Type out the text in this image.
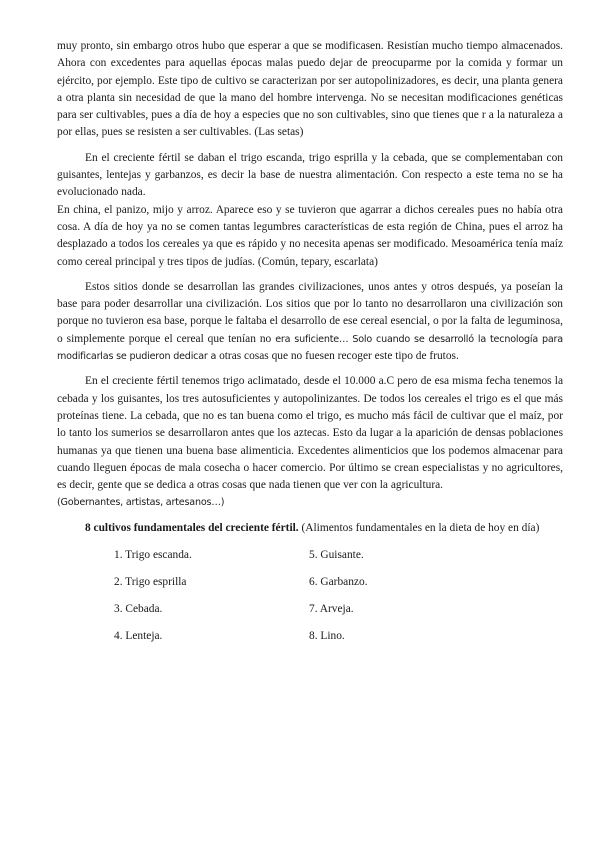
muy pronto, sin embargo otros hubo que esperar a que se modificasen. Resistían mucho tiempo almacenados. Ahora con excedentes para aquellas épocas malas puedo dejar de preocuparme por la comida y formar un ejército, por ejemplo. Este tipo de cultivo se caracterizan por ser autopolinizadores, es decir, una planta genera a otra planta sin necesidad de que la mano del hombre intervenga. No se necesitan modificaciones genéticas para ser cultivables, pues a día de hoy a especies que no son cultivables, sino que tienes que r a la naturaleza a por ellas, pues se resisten a ser cultivables. (Las setas)

En el creciente fértil se daban el trigo escanda, trigo esprilla y la cebada, que se complementaban con guisantes, lentejas y garbanzos, es decir la base de nuestra alimentación. Con respecto a este tema no se ha evolucionado nada.

En china, el panizo, mijo y arroz. Aparece eso y se tuvieron que agarrar a dichos cereales pues no había otra cosa. A día de hoy ya no se comen tantas legumbres características de esta región de China, pues el arroz ha desplazado a todos los cereales ya que es rápido y no necesita apenas ser modificado. Mesoamérica tenía maíz como cereal principal y tres tipos de judías. (Común, tepary, escarlata)

Estos sitios donde se desarrollan las grandes civilizaciones, unos antes y otros después, ya poseían la base para poder desarrollar una civilización. Los sitios que por lo tanto no desarrollaron una civilización son porque no tuvieron esa base, porque le faltaba el desarrollo de ese cereal esencial, o por la falta de leguminosa, o simplemente porque el cereal que tenían no era suficiente… Solo cuando se desarrolló la tecnología para modificarlas se pudieron dedicar a otras cosas que no fuesen recoger este tipo de frutos.

En el creciente fértil tenemos trigo aclimatado, desde el 10.000 a.C pero de esa misma fecha tenemos la cebada y los guisantes, los tres autosuficientes y autopolinizantes. De todos los cereales el trigo es el que más proteínas tiene. La cebada, que no es tan buena como el trigo, es mucho más fácil de cultivar que el maíz, por lo tanto los sumerios se desarrollaron antes que los aztecas. Esto da lugar a la aparición de densas poblaciones humanas ya que tienen una buena base alimenticia. Excedentes alimenticios que los podemos almacenar para cuando lleguen épocas de mala cosecha o hacer comercio. Por último se crean especialistas y no agricultores, es decir, gente que se dedica a otras cosas que nada tienen que ver con la agricultura.

(Gobernantes, artistas, artesanos…)

8 cultivos fundamentales del creciente fértil. (Alimentos fundamentales en la dieta de hoy en día)

1. Trigo escanda.	5. Guisante.
2. Trigo esprilla	6. Garbanzo.
3. Cebada.	7. Arveja.
4. Lenteja.	8. Lino.
